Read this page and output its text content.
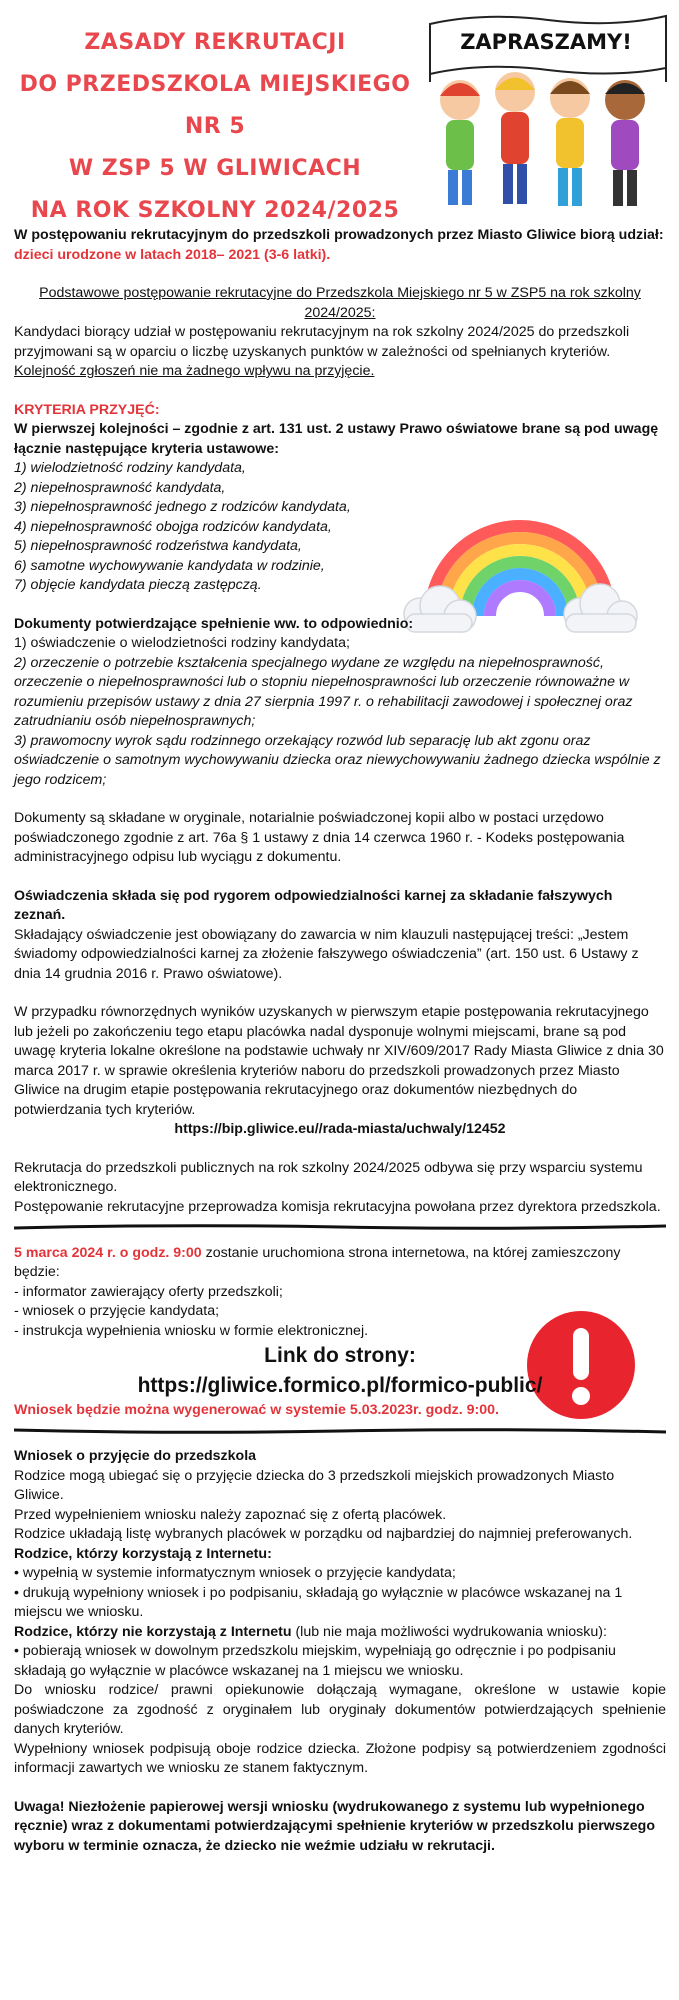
ZASADY REKRUTACJI
DO PRZEDSZKOLA MIEJSKIEGO NR 5
W ZSP 5 W GLIWICACH
NA ROK SZKOLNY 2024/2025
ZAPRASZAMY!

W postępowaniu rekrutacyjnym do przedszkoli prowadzonych przez Miasto Gliwice biorą udział: dzieci urodzone w latach 2018– 2021 (3-6 latki).

Podstawowe postępowanie rekrutacyjne do Przedszkola Miejskiego nr 5 w ZSP5 na rok szkolny 2024/2025:

Kandydaci biorący udział w postępowaniu rekrutacyjnym na rok szkolny 2024/2025 do przedszkoli przyjmowani są w oparciu o liczbę uzyskanych punktów w zależności od spełnianych kryteriów. Kolejność zgłoszeń nie ma żadnego wpływu na przyjęcie.

KRYTERIA PRZYJĘĆ:

W pierwszej kolejności – zgodnie z art. 131 ust. 2 ustawy Prawo oświatowe brane są pod uwagę łącznie następujące kryteria ustawowe:

1) wielodzietność rodziny kandydata,

2) niepełnosprawność kandydata,

3) niepełnosprawność jednego z rodziców kandydata,

4) niepełnosprawność obojga rodziców kandydata,

5) niepełnosprawność rodzeństwa kandydata,

6) samotne wychowywanie kandydata w rodzinie,

7) objęcie kandydata pieczą zastępczą.

Dokumenty potwierdzające spełnienie ww. to odpowiednio:

1) oświadczenie o wielodzietności rodziny kandydata;

2) orzeczenie o potrzebie kształcenia specjalnego wydane ze względu na niepełnosprawność, orzeczenie o niepełnosprawności lub o stopniu niepełnosprawności lub orzeczenie równoważne w rozumieniu przepisów ustawy z dnia 27 sierpnia 1997 r. o rehabilitacji zawodowej i społecznej oraz zatrudnianiu osób niepełnosprawnych;

3) prawomocny wyrok sądu rodzinnego orzekający rozwód lub separację lub akt zgonu oraz oświadczenie o samotnym wychowywaniu dziecka oraz niewychowywaniu żadnego dziecka wspólnie z jego rodzicem;

Dokumenty są składane w oryginale, notarialnie poświadczonej kopii albo w postaci urzędowo poświadczonego zgodnie z art. 76a § 1 ustawy z dnia 14 czerwca 1960 r. - Kodeks postępowania administracyjnego odpisu lub wyciągu z dokumentu.

Oświadczenia składa się pod rygorem odpowiedzialności karnej za składanie fałszywych zeznań.

Składający oświadczenie jest obowiązany do zawarcia w nim klauzuli następującej treści: „Jestem świadomy odpowiedzialności karnej za złożenie fałszywego oświadczenia” (art. 150 ust. 6 Ustawy z dnia 14 grudnia 2016 r. Prawo oświatowe).

W przypadku równorzędnych wyników uzyskanych w pierwszym etapie postępowania rekrutacyjnego lub jeżeli po zakończeniu tego etapu placówka nadal dysponuje wolnymi miejscami, brane są pod uwagę kryteria lokalne określone na podstawie uchwały nr XIV/609/2017 Rady Miasta Gliwice z dnia 30 marca 2017 r. w sprawie określenia kryteriów naboru do przedszkoli prowadzonych przez Miasto Gliwice na drugim etapie postępowania rekrutacyjnego oraz dokumentów niezbędnych do potwierdzania tych kryteriów.

https://bip.gliwice.eu//rada-miasta/uchwaly/12452

Rekrutacja do przedszkoli publicznych na rok szkolny 2024/2025 odbywa się przy wsparciu systemu elektronicznego.

Postępowanie rekrutacyjne przeprowadza komisja rekrutacyjna powołana przez dyrektora przedszkola.

5 marca 2024 r. o godz. 9:00 zostanie uruchomiona strona internetowa, na której zamieszczony będzie:

- informator zawierający oferty przedszkoli;

- wniosek o przyjęcie kandydata;

- instrukcja wypełnienia wniosku w formie elektronicznej.

Link do strony:

https://gliwice.formico.pl/formico-public/

Wniosek będzie można wygenerować w systemie 5.03.2023r. godz. 9:00.

Wniosek o przyjęcie do przedszkola

Rodzice mogą ubiegać się o przyjęcie dziecka do 3 przedszkoli miejskich prowadzonych Miasto Gliwice.

Przed wypełnieniem wniosku należy zapoznać się z ofertą placówek.

Rodzice układają listę wybranych placówek w porządku od najbardziej do najmniej preferowanych.

Rodzice, którzy korzystają z Internetu:

• wypełnią w systemie informatycznym wniosek o przyjęcie kandydata;

• drukują wypełniony wniosek i po podpisaniu, składają go wyłącznie w placówce wskazanej na 1 miejscu we wniosku.

Rodzice, którzy nie korzystają z Internetu (lub nie maja możliwości wydrukowania wniosku):

• pobierają wniosek w dowolnym przedszkolu miejskim, wypełniają go odręcznie i po podpisaniu składają go wyłącznie w placówce wskazanej na 1 miejscu we wniosku.

Do wniosku rodzice/ prawni opiekunowie dołączają wymagane, określone w ustawie kopie poświadczone za zgodność z oryginałem lub oryginały dokumentów potwierdzających spełnienie danych kryteriów.

Wypełniony wniosek podpisują oboje rodzice dziecka. Złożone podpisy są potwierdzeniem zgodności informacji zawartych we wniosku ze stanem faktycznym.

Uwaga! Niezłożenie papierowej wersji wniosku (wydrukowanego z systemu lub wypełnionego ręcznie) wraz z dokumentami potwierdzającymi spełnienie kryteriów w przedszkolu pierwszego wyboru w terminie oznacza, że dziecko nie weźmie udziału w rekrutacji.
